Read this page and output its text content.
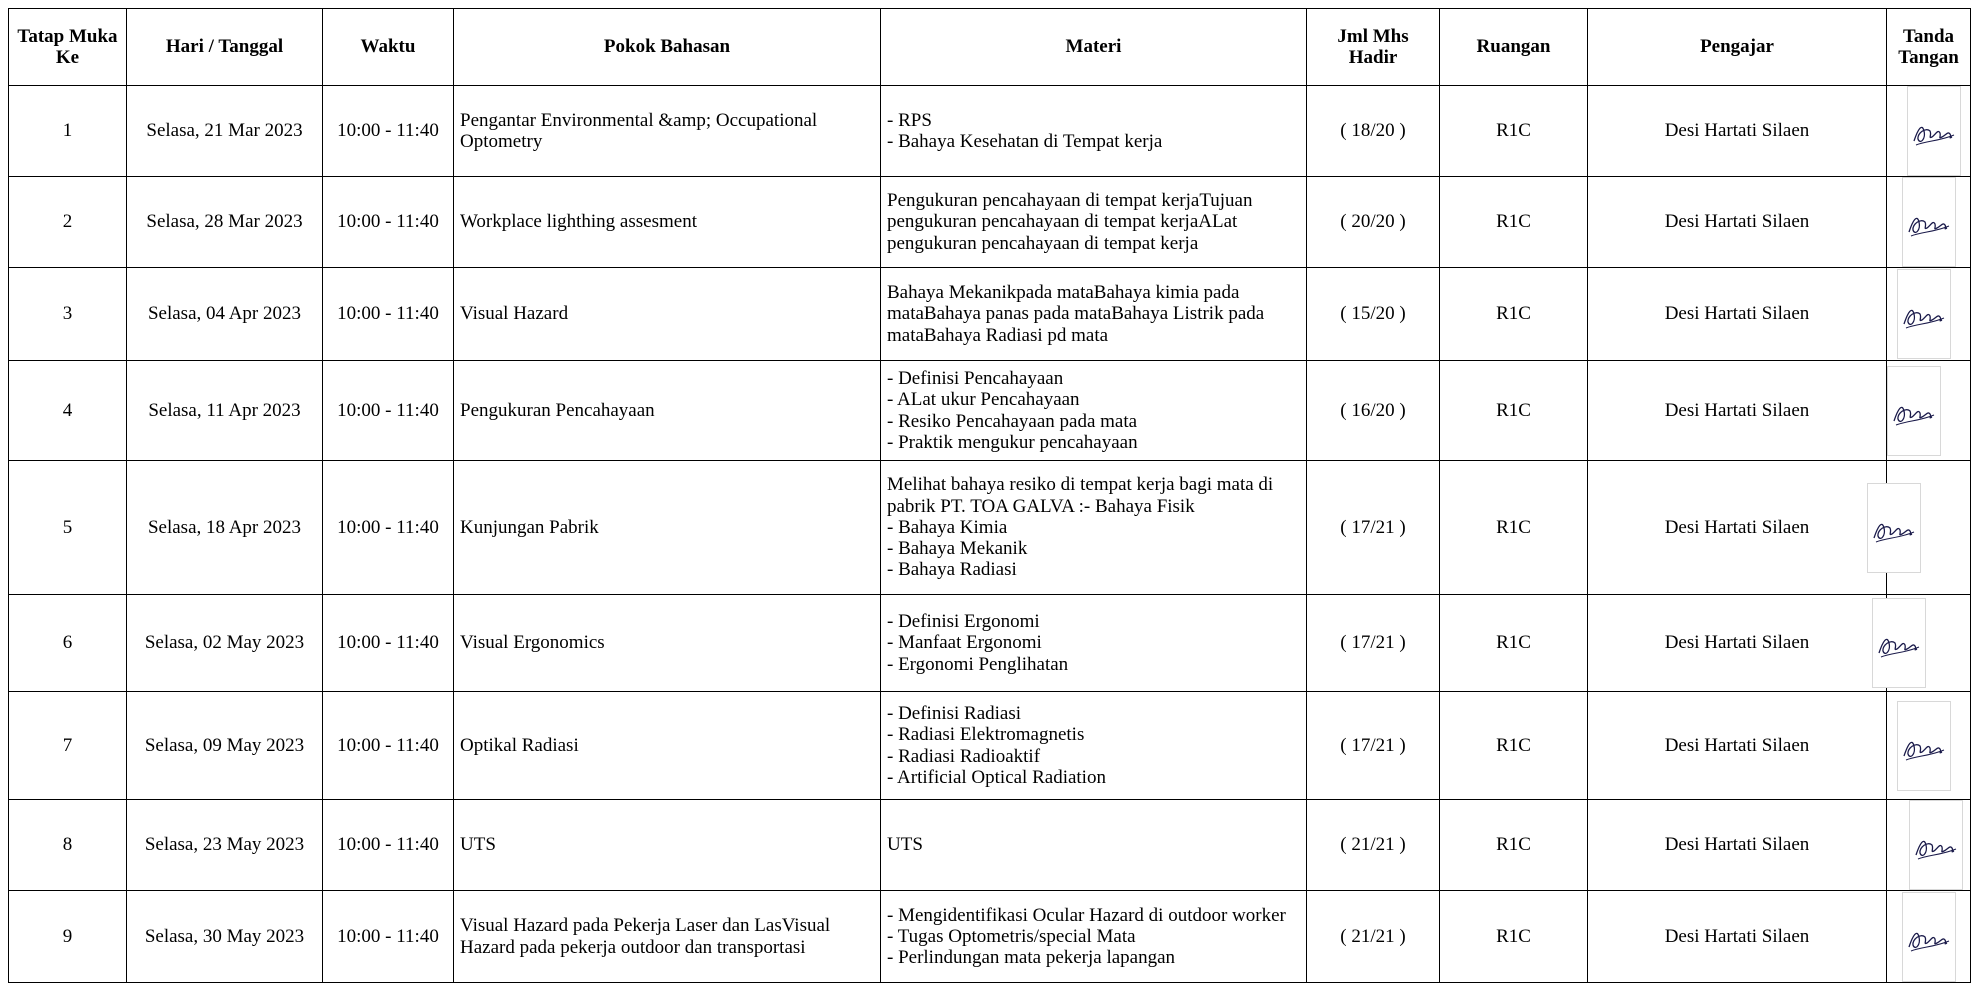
Tatap Muka Ke	Hari / Tanggal	Waktu	Pokok Bahasan	Materi	Jml Mhs Hadir	Ruangan	Pengajar	Tanda Tangan
1	Selasa, 21 Mar 2023	10:00 - 11:40	Pengantar Environmental &amp; Occupational Optometry	- RPS
- Bahaya Kesehatan di Tempat kerja	( 18/20 )	R1C	Desi Hartati Silaen	

2	Selasa, 28 Mar 2023	10:00 - 11:40	Workplace lighthing assesment	Pengukuran pencahayaan di tempat kerjaTujuan pengukuran pencahayaan di tempat kerjaALat pengukuran pencahayaan di tempat kerja	( 20/20 )	R1C	Desi Hartati Silaen	

3	Selasa, 04 Apr 2023	10:00 - 11:40	Visual Hazard	Bahaya Mekanikpada mataBahaya kimia pada mataBahaya panas pada mataBahaya Listrik pada mataBahaya Radiasi pd mata	( 15/20 )	R1C	Desi Hartati Silaen	

4	Selasa, 11 Apr 2023	10:00 - 11:40	Pengukuran Pencahayaan	- Definisi Pencahayaan
- ALat ukur Pencahayaan
- Resiko Pencahayaan pada mata
- Praktik mengukur pencahayaan	( 16/20 )	R1C	Desi Hartati Silaen	

5	Selasa, 18 Apr 2023	10:00 - 11:40	Kunjungan Pabrik	Melihat bahaya resiko di tempat kerja bagi mata di pabrik PT. TOA GALVA :- Bahaya Fisik
- Bahaya Kimia
- Bahaya Mekanik
- Bahaya Radiasi	( 17/21 )	R1C	Desi Hartati Silaen	

6	Selasa, 02 May 2023	10:00 - 11:40	Visual Ergonomics	- Definisi Ergonomi
- Manfaat Ergonomi
- Ergonomi Penglihatan	( 17/21 )	R1C	Desi Hartati Silaen	

7	Selasa, 09 May 2023	10:00 - 11:40	Optikal Radiasi	- Definisi Radiasi
- Radiasi Elektromagnetis
- Radiasi Radioaktif
- Artificial Optical Radiation	( 17/21 )	R1C	Desi Hartati Silaen	

8	Selasa, 23 May 2023	10:00 - 11:40	UTS	UTS	( 21/21 )	R1C	Desi Hartati Silaen	

9	Selasa, 30 May 2023	10:00 - 11:40	Visual Hazard pada Pekerja Laser dan LasVisual Hazard pada pekerja outdoor dan transportasi	- Mengidentifikasi Ocular Hazard di outdoor worker
- Tugas Optometris/special Mata
- Perlindungan mata pekerja lapangan	( 21/21 )	R1C	Desi Hartati Silaen	
